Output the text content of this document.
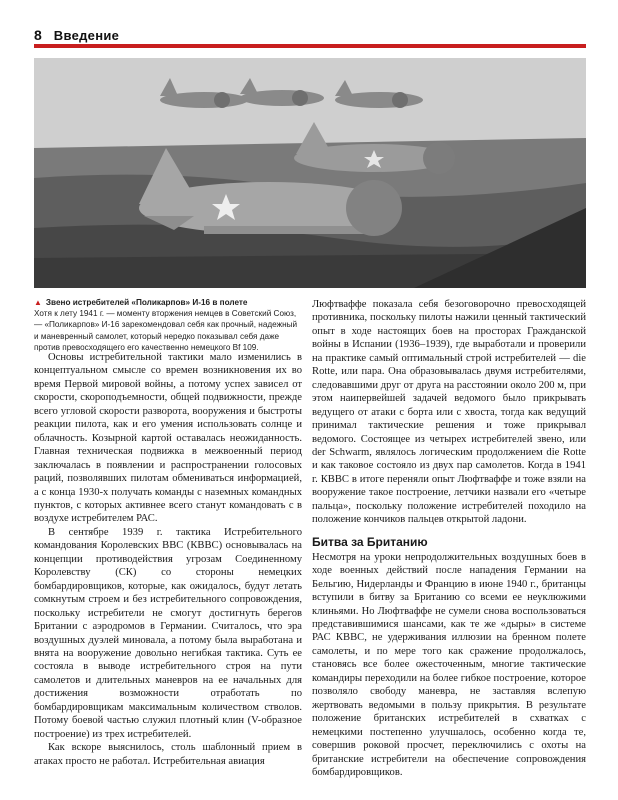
8 Введение
▲ Звено истребителей «Поликарпов» И-16 в полете
Хотя к лету 1941 г. — моменту вторжения немцев в Советский Союз, — «Поликарпов» И-16 зарекомендовал себя как прочный, надежный и маневренный самолет, который нередко показывал себя даже против превосходящего его качественно немецкого Bf 109.

Основы истребительной тактики мало изменились в концептуальном смысле со времен возникновения их во время Первой мировой войны, а потому успех зависел от скорости, скороподъемности, общей подвижности, прежде всего угловой скорости разворота, вооружения и быстроты реакции пилота, как и его умения использовать солнце и облачность. Козырной картой оставалась неожиданность. Главная техническая подвижка в межвоенный период заключалась в появлении и распространении голосовых раций, позволявших пилотам обмениваться информацией, а с конца 1930-х получать команды с наземных командных пунктов, с которых активнее всего станут командовать с в воздухе истребителем РАС.

В сентябре 1939 г. тактика Истребительного командования Королевских ВВС (КВВС) основывалась на концепции противодействия угрозам Соединенному Королевству (СК) со стороны немецких бомбардировщиков, которые, как ожидалось, будут летать сомкнутым строем и без истребительного сопровождения, поскольку истребители не смогут достигнуть берегов Британии с аэродромов в Германии. Считалось, что эра воздушных дуэлей миновала, а потому была выработана и внята на вооружение довольно негибкая тактика. Суть ее состояла в выводе истребительного строя на пути самолетов и длительных маневров на ее начальных для достижения возможности отработать по бомбардировщикам максимальным количеством стволов. Потому боевой частью служил плотный клин (V-образное построение) из трех истребителей.

Как вскоре выяснилось, столь шаблонный прием в атаках просто не работал. Истребительная авиация

Люфтваффе показала себя безоговорочно превосходящей противника, поскольку пилоты нажили ценный тактический опыт в ходе настоящих боев на просторах Гражданской войны в Испании (1936–1939), где выработали и проверили на практике самый оптимальный строй истребителей — die Rotte, или пара. Она образовывалась двумя истребителями, следовавшими друг от друга на расстоянии около 200 м, при этом наипервейшей задачей ведомого было прикрывать ведущего от атаки с борта или с хвоста, тогда как ведущий принимал тактические решения и тоже прикрывал ведомого. Состоящее из четырех истребителей звено, или der Schwarm, являлось логическим продолжением die Rotte и как таковое состояло из двух пар самолетов. Когда в 1941 г. КВВС в итоге переняли опыт Люфтваффе и тоже взяли на вооружение такое построение, летчики назвали его «четыре пальца», поскольку положение истребителей походило на положение кончиков пальцев открытой ладони.

Битва за Британию

Несмотря на уроки непродолжительных воздушных боев в ходе военных действий после нападения Германии на Бельгию, Нидерланды и Францию в июне 1940 г., британцы вступили в битву за Британию со всеми ее неуклюжими клиньями. Но Люфтваффе не сумели снова воспользоваться представившимися шансами, как те же «дыры» в системе РАС КВВС, не удерживания иллюзии на бренном полете самолеты, и по мере того как сражение продолжалось, становясь все более ожесточенным, многие тактические командиры переходили на более гибкое построение, которое позволяло свободу маневра, не заставляя вслепую жертвовать ведомыми в пользу прикрытия. В результате положение британских истребителей в схватках с немецкими постепенно улучшалось, особенно когда те, совершив роковой просчет, переключились с охоты на британские истребители на обеспечение сопровождения бомбардировщиков.
